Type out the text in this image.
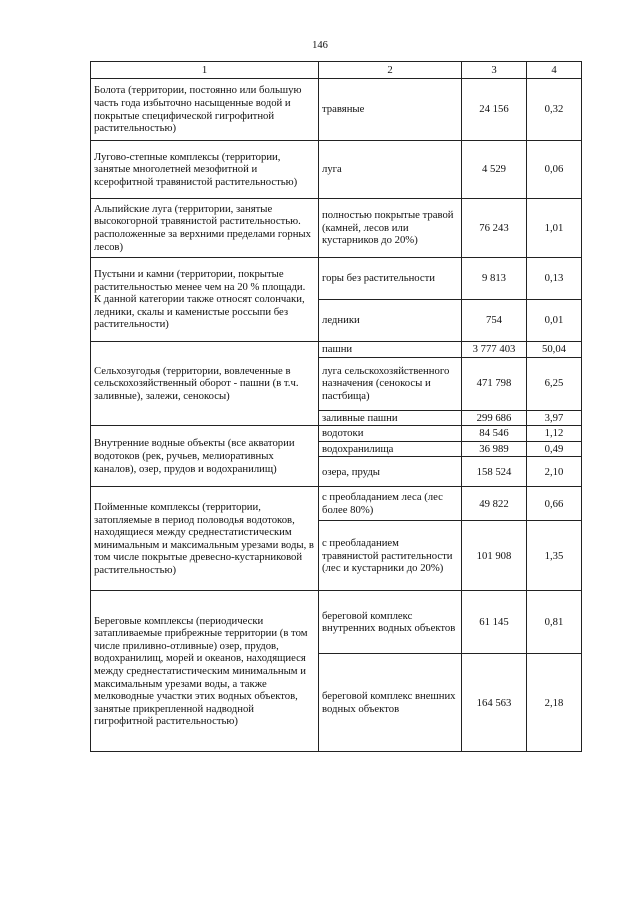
146
1	2	3	4
Болота (территории, постоянно или большую часть года избыточно насыщенные водой и покрытые специфической гигрофитной растительностью)	травяные	24 156	0,32
Лугово-степные комплексы (территории, занятые многолетней мезофитной и ксерофитной травянистой растительностью)	луга	4 529	0,06
Альпийские луга (территории, занятые высокогорной травянистой растительностью. расположенные за верхними пределами горных лесов)	полностью покрытые травой (камней, лесов или кустарников до 20%)	76 243	1,01
Пустыни и камни (территории, покрытые растительностью менее чем на 20 % площади. К данной категории также относят солончаки, ледники, скалы и каменистые россыпи без растительности)	горы без растительности	9 813	0,13
	ледники	754	0,01
Сельхозугодья (территории, вовлеченные в сельскохозяйственный оборот - пашни (в т.ч. заливные), залежи, сенокосы)	пашни	3 777 403	50,04
	луга сельскохозяйственного назначения (сенокосы и пастбища)	471 798	6,25
	заливные пашни	299 686	3,97
Внутренние водные объекты (все акватории водотоков (рек, ручьев, мелиоративных каналов), озер, прудов и водохранилищ)	водотоки	84 546	1,12
	водохранилища	36 989	0,49
	озера, пруды	158 524	2,10
Пойменные комплексы (территории, затопляемые в период половодья водотоков, находящиеся между среднестатистическим минимальным и максимальным урезами воды, в том числе покрытые древесно-кустарниковой растительностью)	с преобладанием леса (лес более 80%)	49 822	0,66
	с преобладанием травянистой растительности (лес и кустарники до 20%)	101 908	1,35
Береговые комплексы (периодически затапливаемые прибрежные территории (в том числе приливно-отливные) озер, прудов, водохранилищ, морей и океанов, находящиеся между среднестатистическим минимальным и максимальным урезами воды, а также мелководные участки этих водных объектов, занятые прикрепленной надводной гигрофитной растительностью)	береговой комплекс внутренних водных объектов	61 145	0,81
	береговой комплекс внешних водных объектов	164 563	2,18
